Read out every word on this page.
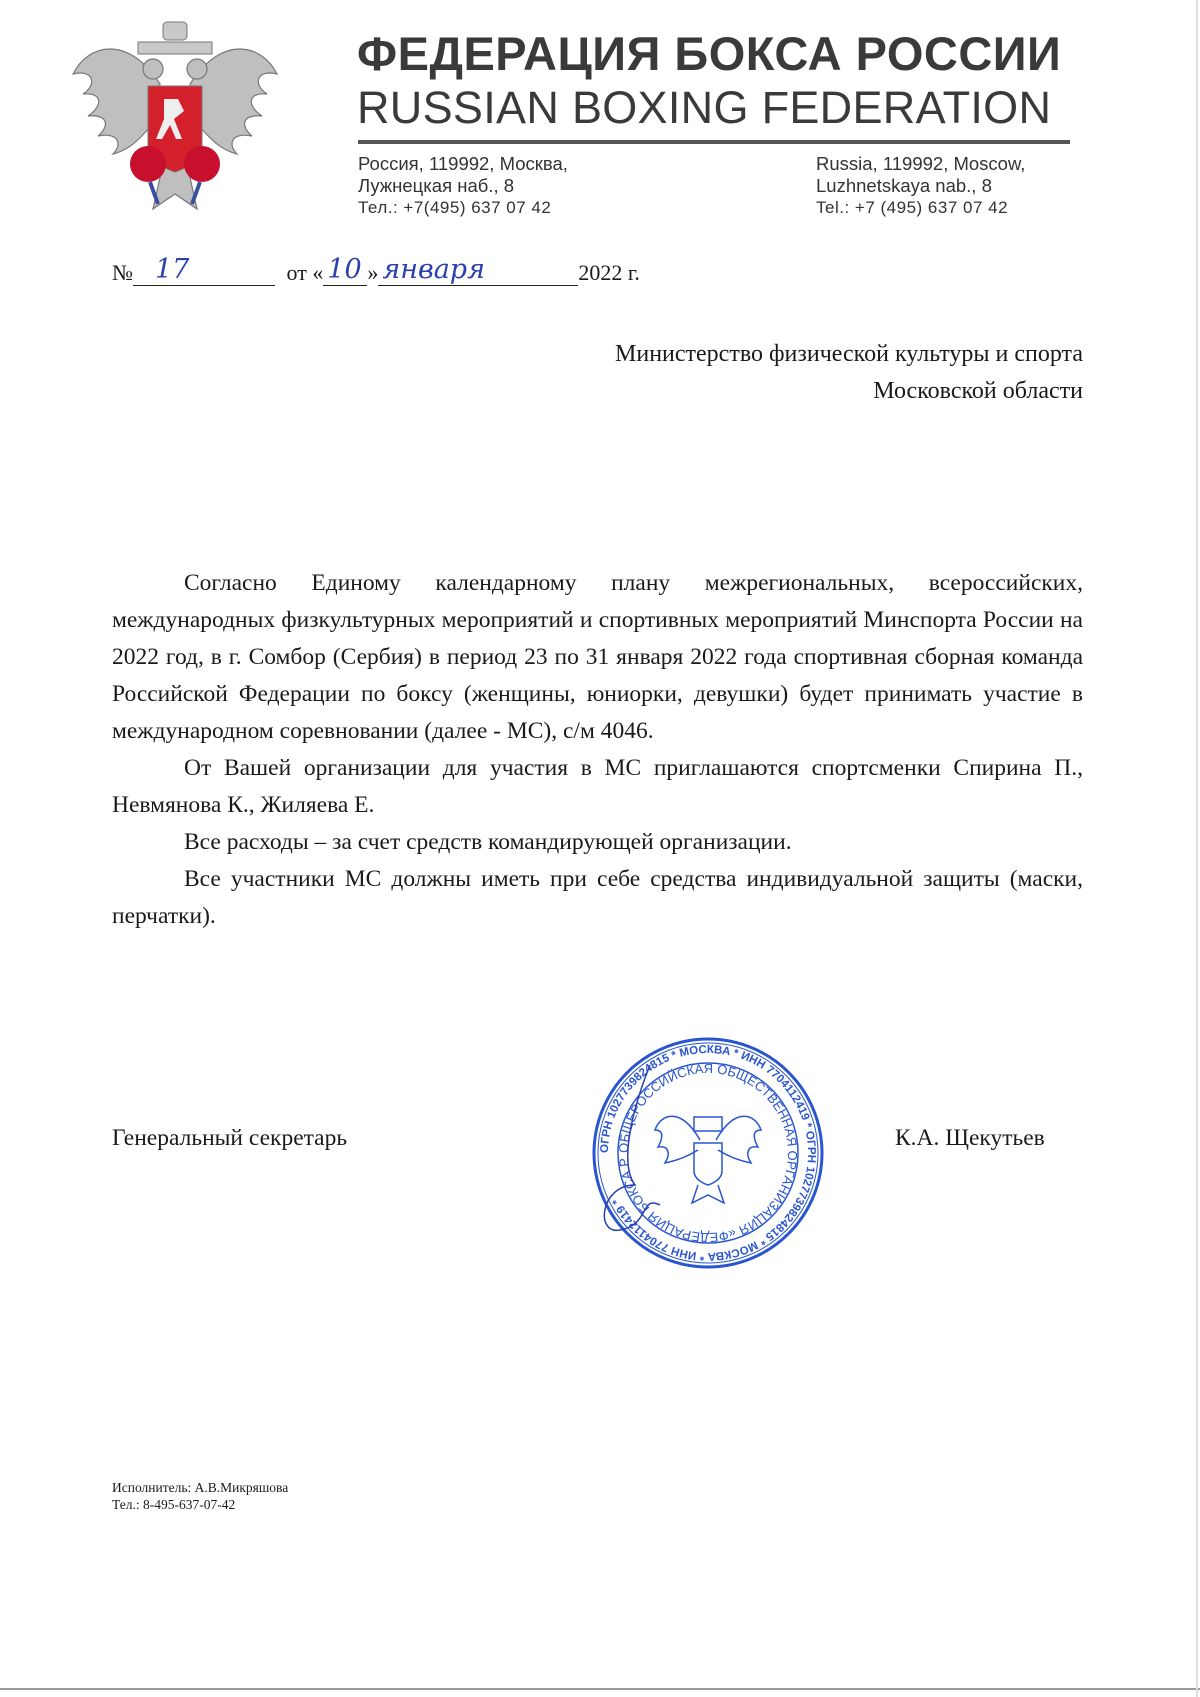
ФЕДЕРАЦИЯ БОКСА РОССИИ
RUSSIAN BOXING FEDERATION
Россия, 119992, Москва,
Лужнецкая наб., 8
Тел.: +7(495) 637 07 42
Russia, 119992, Moscow,
Luzhnetskaya nab., 8
Tel.: +7 (495) 637 07 42
№ 17	от « 10 » января	2022 г.
Министерство физической культуры и спорта
Московской области

Согласно Единому календарному плану межрегиональных, всероссийских, международных физкультурных мероприятий и спортивных мероприятий Минспорта России на 2022 год, в г. Сомбор (Сербия) в период 23 по 31 января 2022 года спортивная сборная команда Российской Федерации по боксу (женщины, юниорки, девушки) будет принимать участие в международном соревновании (далее - МС), с/м 4046.

От Вашей организации для участия в МС приглашаются спортсменки Спирина П., Невмянова К., Жиляева Е.

Все расходы – за счет средств командирующей организации.

Все участники МС должны иметь при себе средства индивидуальной защиты (маски, перчатки).

Генеральный секретарь	К.А. Щекутьев
ОГРН 1027739824815 * МОСКВА * ИНН 7704112419 * ОГРН 1027739824815 * МОСКВА * ИНН 7704112419 *
ОБЩЕРОССИЙСКАЯ ОБЩЕСТВЕННАЯ ОРГАНИЗАЦИЯ «ФЕДЕРАЦИЯ БОКСА Р
Исполнитель: А.В.Микряшова
Тел.: 8-495-637-07-42
